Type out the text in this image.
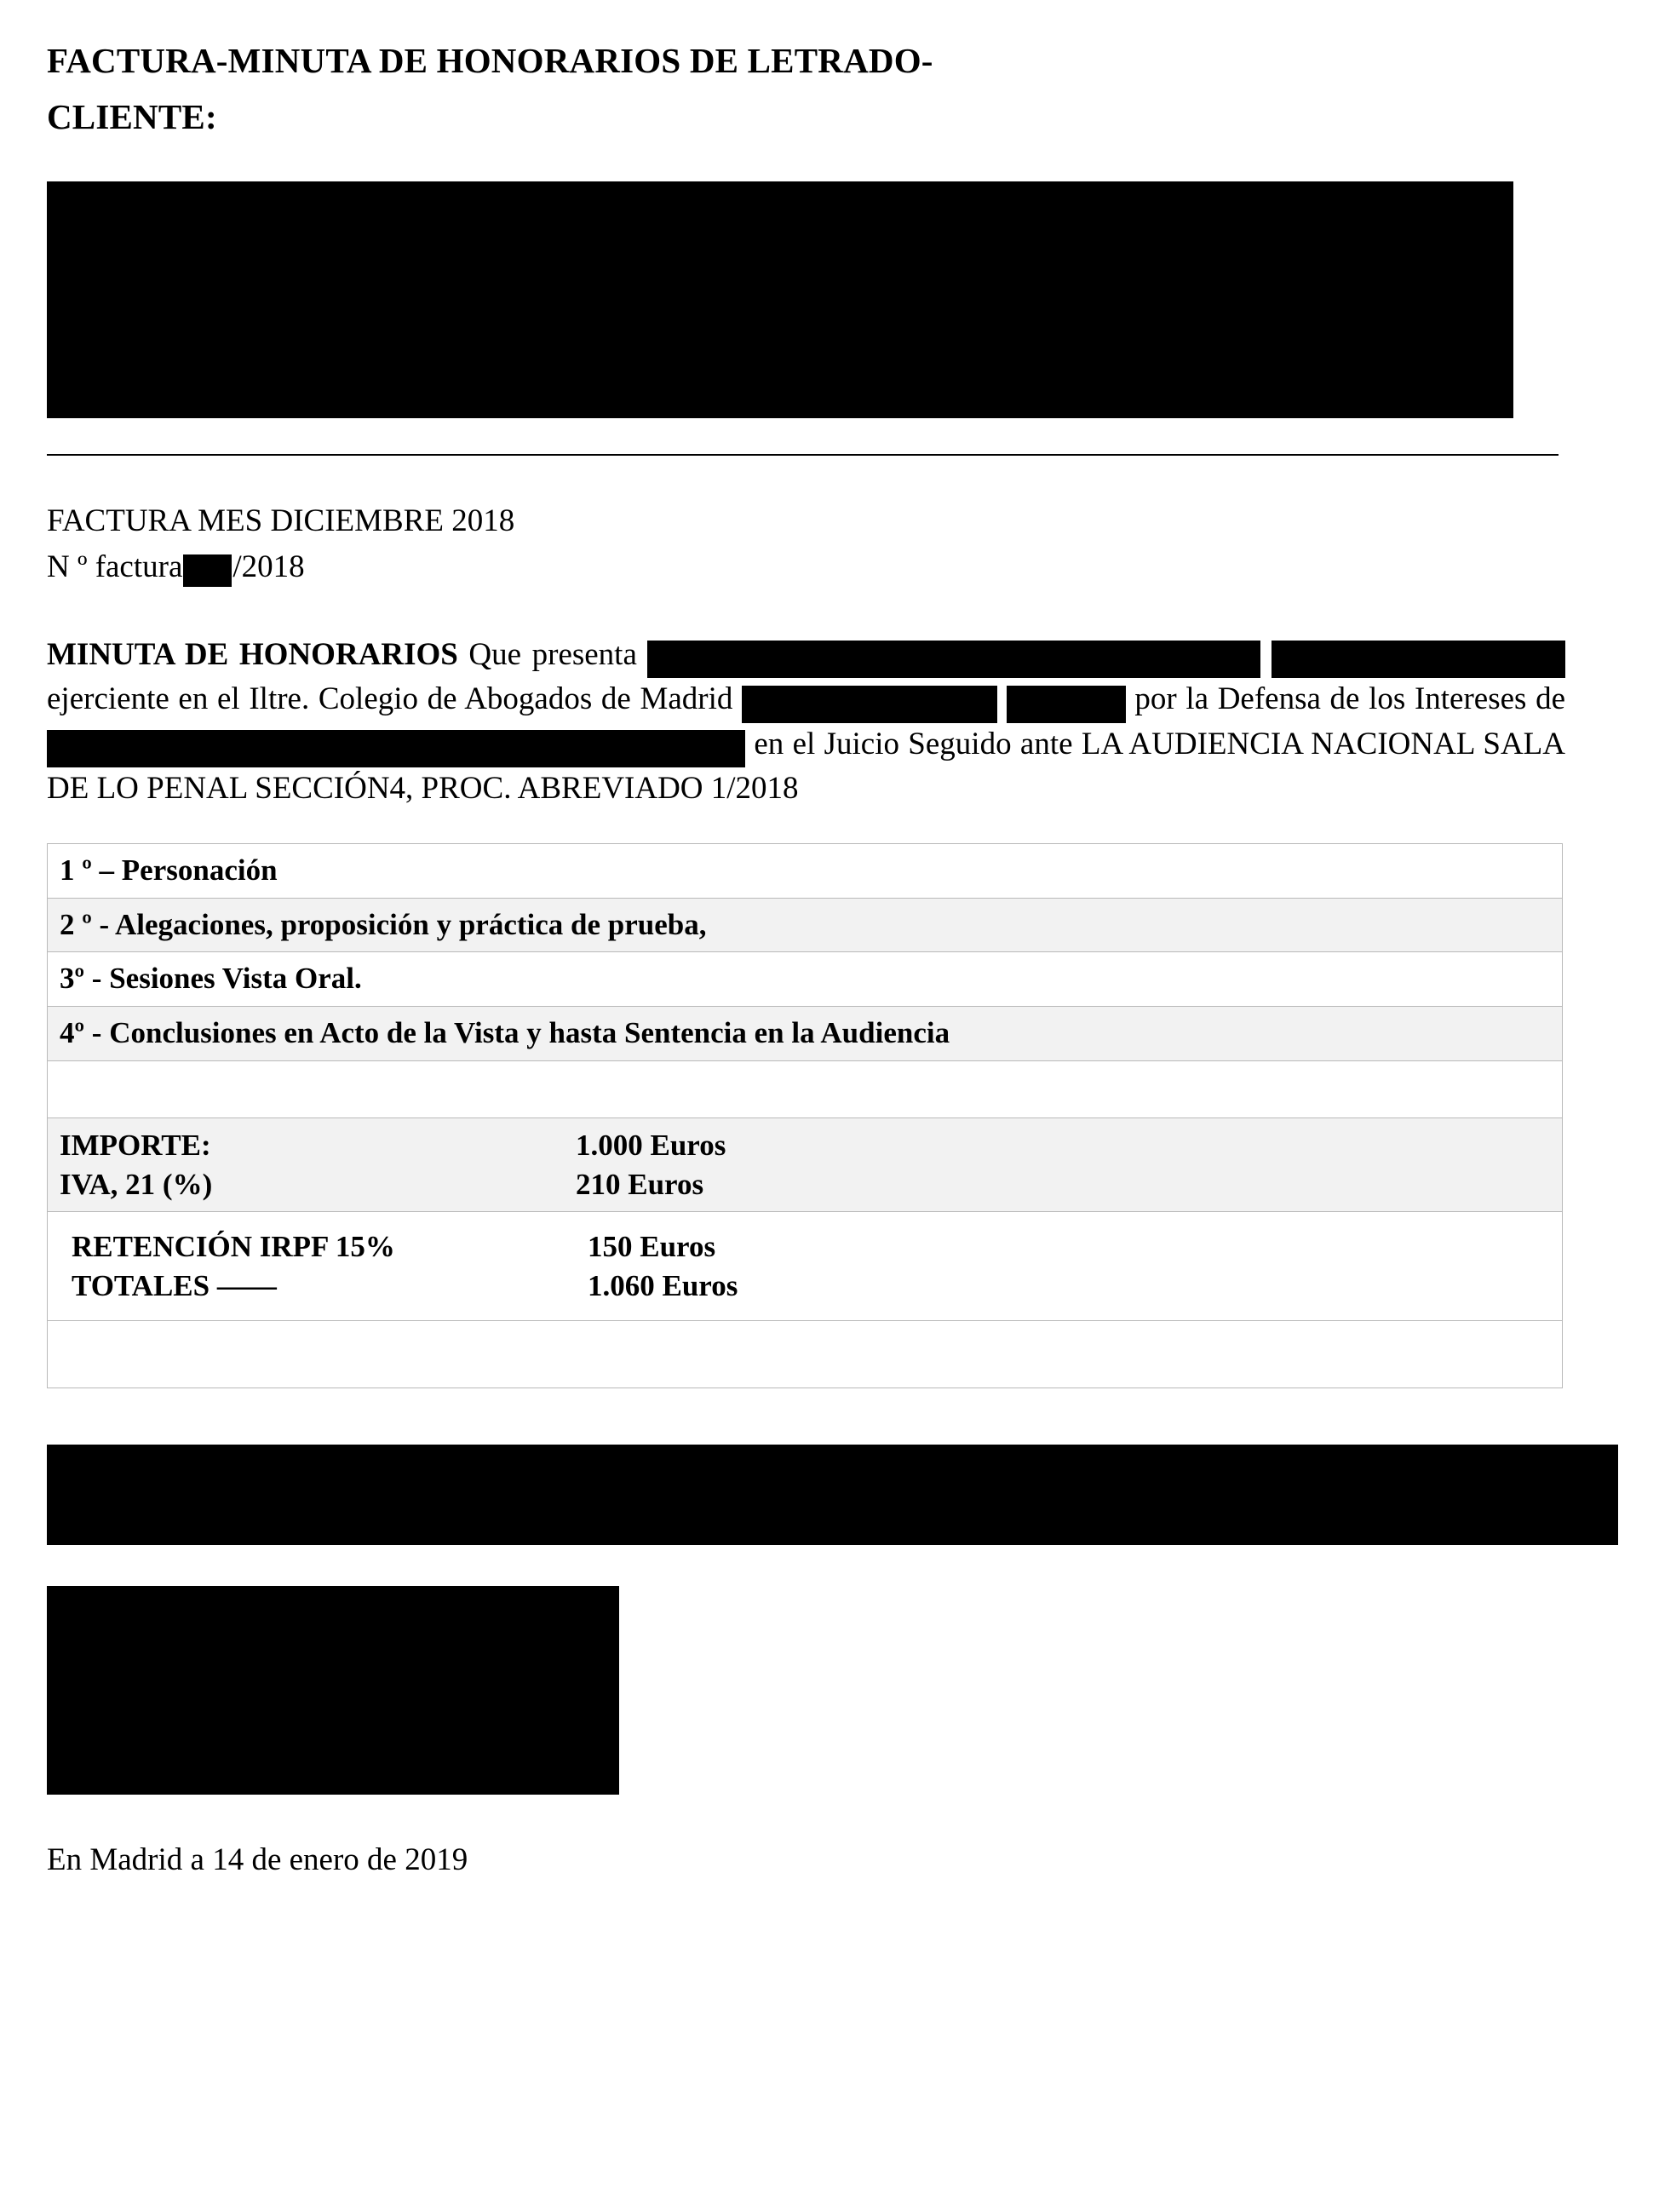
FACTURA-MINUTA DE HONORARIOS DE LETRADO-
CLIENTE:
FACTURA MES DICIEMBRE 2018
N º factura /2018

MINUTA DE HONORARIOS Que presenta   ejerciente en el Iltre. Colegio de Abogados de Madrid	por la Defensa de los Intereses de  en el Juicio Seguido ante LA AUDIENCIA NACIONAL SALA DE LO PENAL SECCIÓN4, PROC. ABREVIADO 1/2018

1 º – Personación
2 º - Alegaciones, proposición y práctica de prueba,
3º - Sesiones Vista Oral.
4º - Conclusiones en Acto de la Vista y hasta Sentencia en la Audiencia

IMPORTE:	1.000 Euros
IVA, 21 (%)	210 Euros

RETENCIÓN IRPF 15%	150 Euros
TOTALES ——	1.060 Euros

En Madrid a 14 de enero de 2019
